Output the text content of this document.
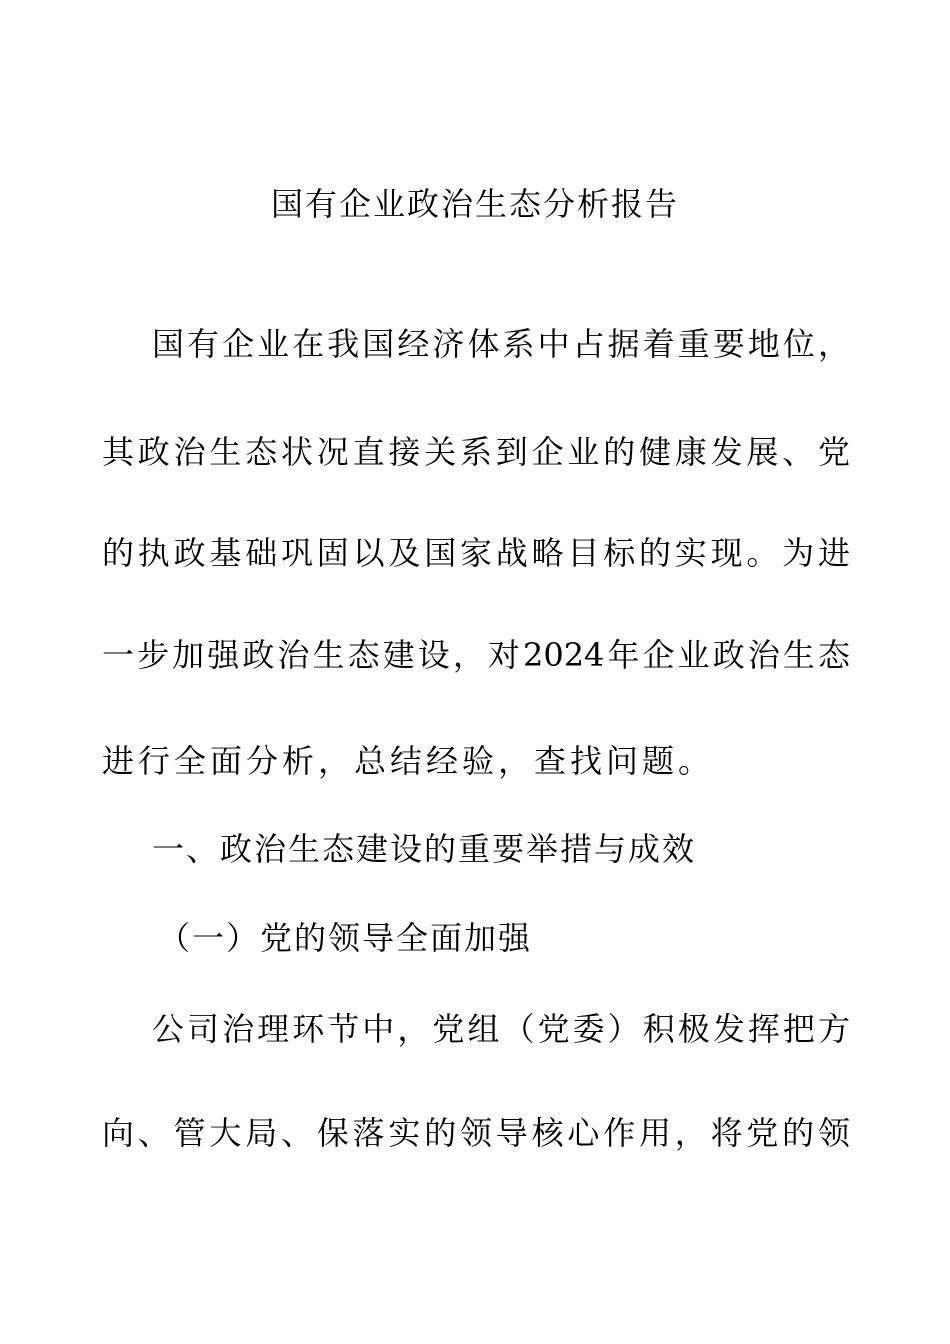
国有企业政治生态分析报告
国有企业在我国经济体系中占据着重要地位，
其政治生态状况直接关系到企业的健康发展、党
的执政基础巩固以及国家战略目标的实现。为进
一步加强政治生态建设，对2024年企业政治生态
进行全面分析，总结经验，查找问题。
一、政治生态建设的重要举措与成效
（一）党的领导全面加强
公司治理环节中，党组（党委）积极发挥把方
向、管大局、保落实的领导核心作用，将党的领
